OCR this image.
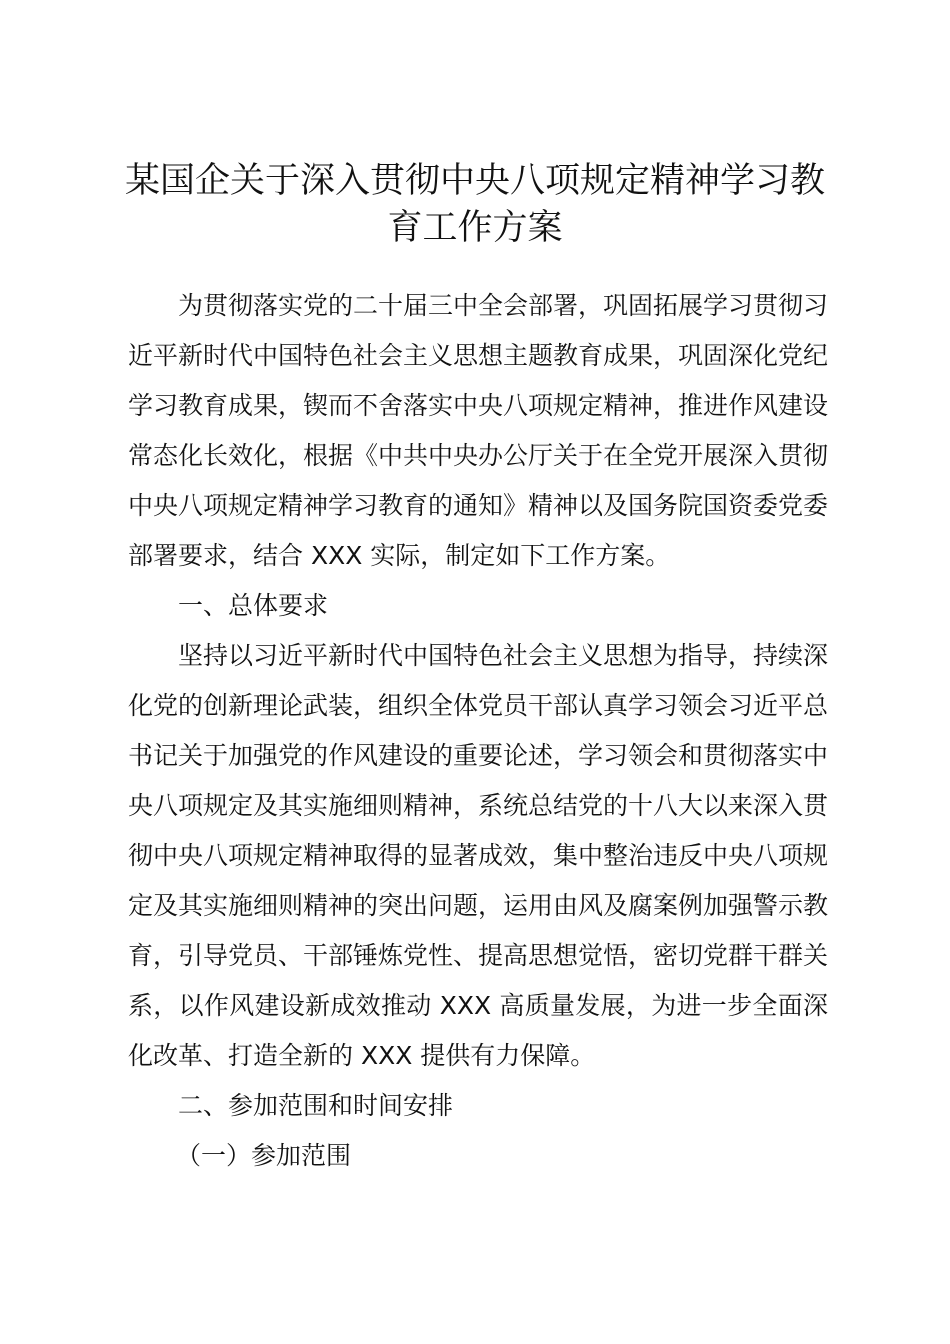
某国企关于深入贯彻中央八项规定精神学习教育工作方案

为贯彻落实党的二十届三中全会部署，巩固拓展学习贯彻习近平新时代中国特色社会主义思想主题教育成果，巩固深化党纪学习教育成果，锲而不舍落实中央八项规定精神，推进作风建设常态化长效化，根据《中共中央办公厅关于在全党开展深入贯彻中央八项规定精神学习教育的通知》精神以及国务院国资委党委部署要求，结合 XXX 实际，制定如下工作方案。

一、总体要求

坚持以习近平新时代中国特色社会主义思想为指导，持续深化党的创新理论武装，组织全体党员干部认真学习领会习近平总书记关于加强党的作风建设的重要论述，学习领会和贯彻落实中央八项规定及其实施细则精神，系统总结党的十八大以来深入贯彻中央八项规定精神取得的显著成效，集中整治违反中央八项规定及其实施细则精神的突出问题，运用由风及腐案例加强警示教育，引导党员、干部锤炼党性、提高思想觉悟，密切党群干群关系，以作风建设新成效推动 XXX 高质量发展，为进一步全面深化改革、打造全新的 XXX 提供有力保障。

二、参加范围和时间安排

（一）参加范围
